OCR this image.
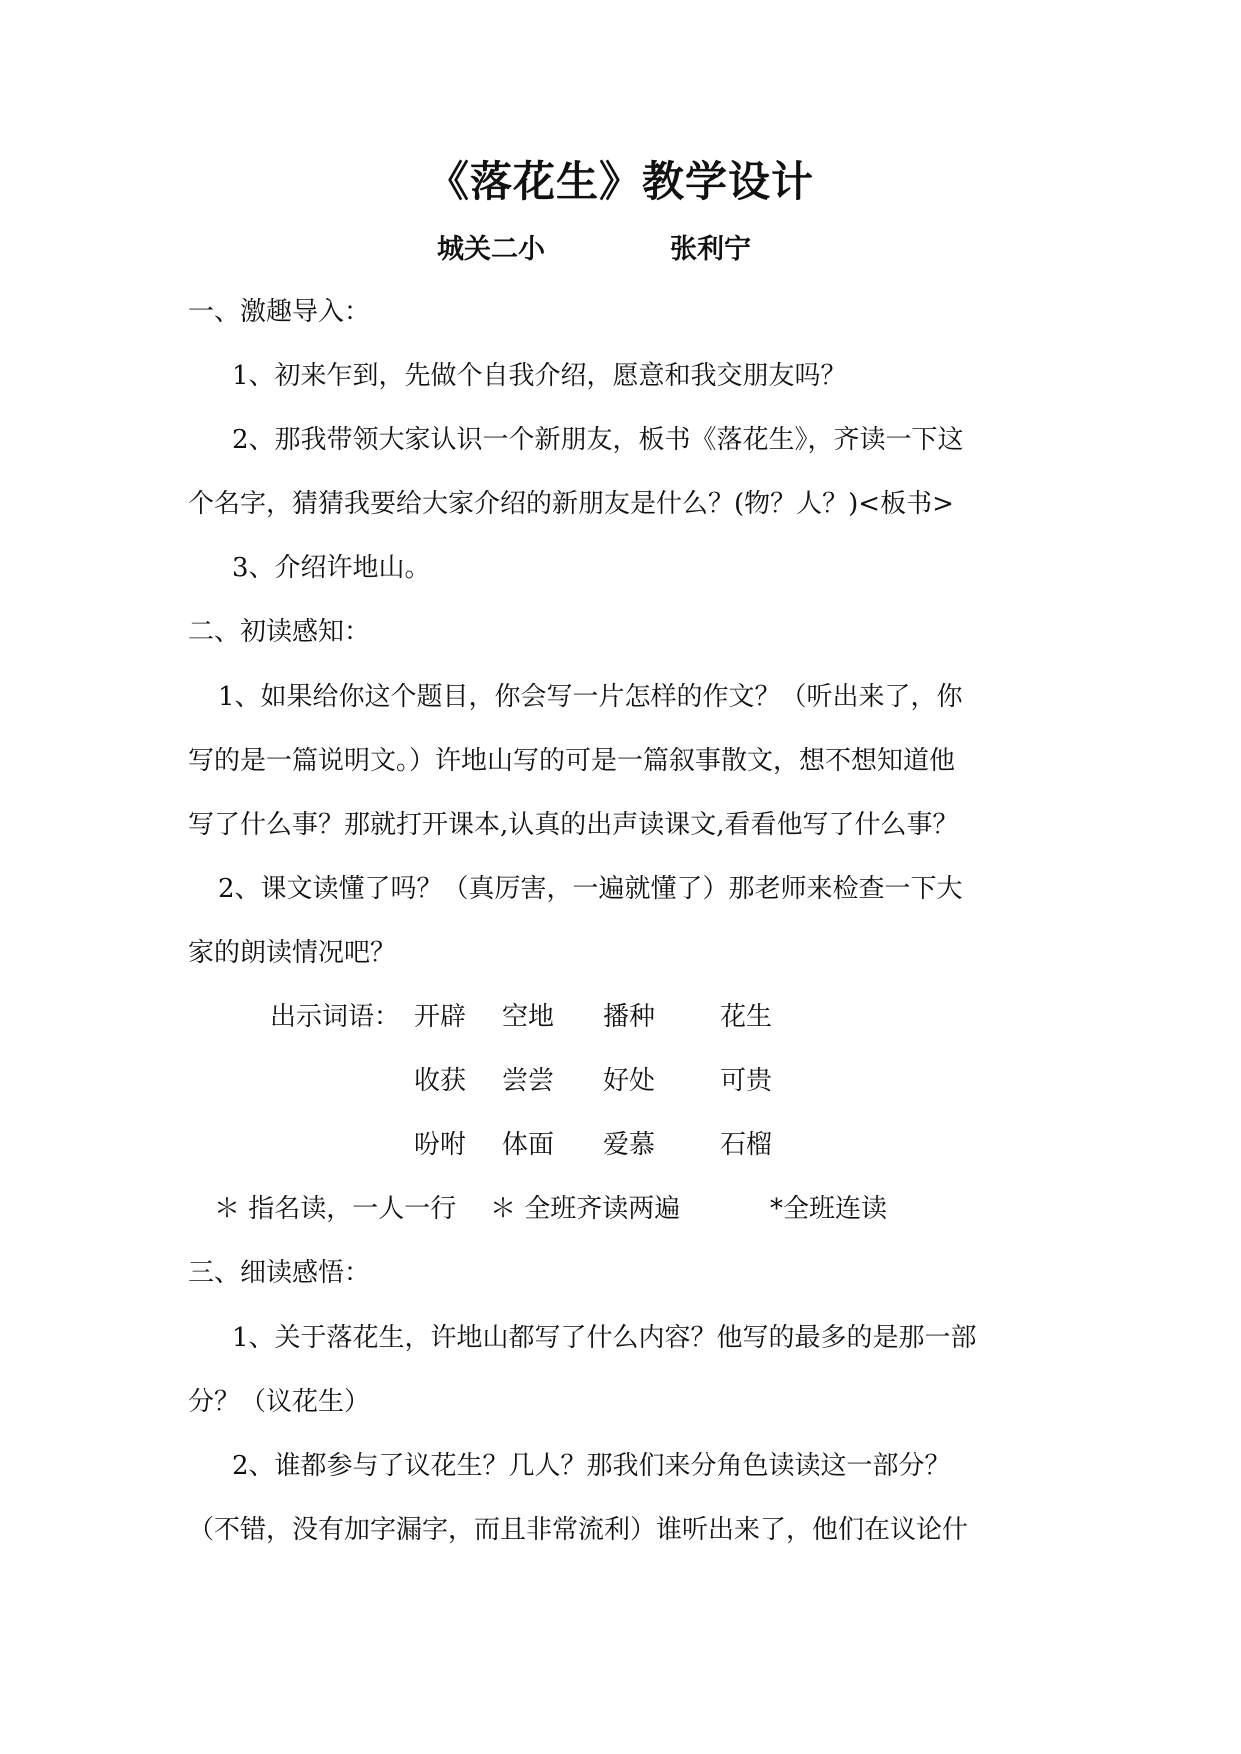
《落花生》教学设计
城关二小	张利宁
一、激趣导入：
1、初来乍到，先做个自我介绍，愿意和我交朋友吗？
2、那我带领大家认识一个新朋友，板书《落花生》，齐读一下这
个名字，猜猜我要给大家介绍的新朋友是什么？(物？人？)<板书>
3、介绍许地山。
二、初读感知：
1、如果给你这个题目，你会写一片怎样的作文？（听出来了，你
写的是一篇说明文。）许地山写的可是一篇叙事散文，想不想知道他
写了什么事？那就打开课本,认真的出声读课文,看看他写了什么事？
2、课文读懂了吗？（真厉害，一遍就懂了）那老师来检查一下大
家的朗读情况吧？
出示词语： 开辟 空地 播种 花生
收获 尝尝 好处 可贵
吩咐 体面 爱慕 石榴
＊ 指名读，一人一行 ＊ 全班齐读两遍	*全班连读
三、细读感悟：
1、关于落花生，许地山都写了什么内容？他写的最多的是那一部
分？（议花生）
2、谁都参与了议花生？几人？那我们来分角色读读这一部分？
（不错，没有加字漏字，而且非常流利）谁听出来了，他们在议论什
